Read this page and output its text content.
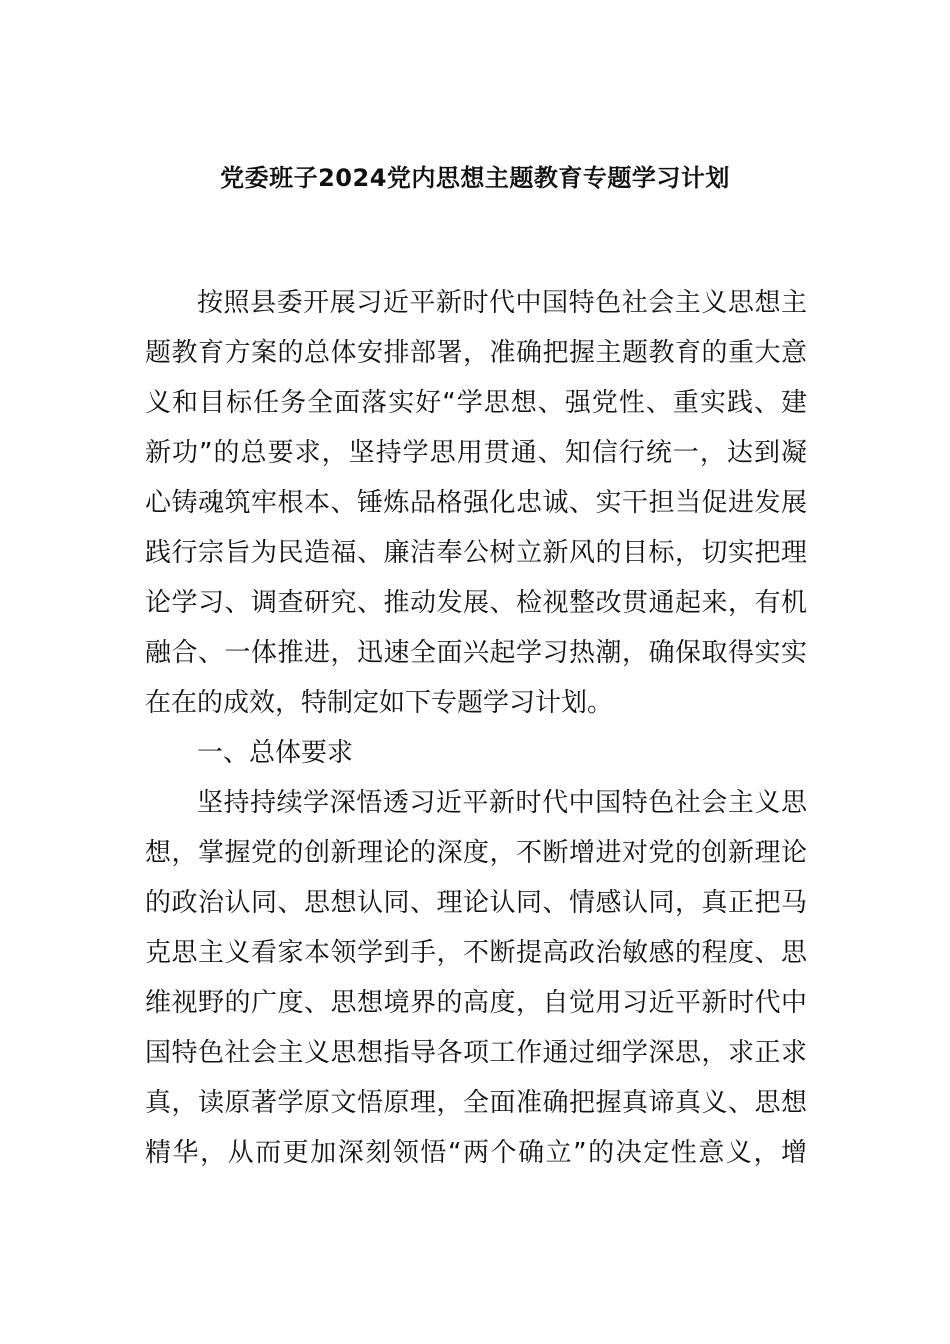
党委班子2024党内思想主题教育专题学习计划
按照县委开展习近平新时代中国特色社会主义思想主
题教育方案的总体安排部署，准确把握主题教育的重大意
义和目标任务全面落实好“学思想、强党性、重实践、建
新功”的总要求，坚持学思用贯通、知信行统一，达到凝
心铸魂筑牢根本、锤炼品格强化忠诚、实干担当促进发展
践行宗旨为民造福、廉洁奉公树立新风的目标，切实把理
论学习、调查研究、推动发展、检视整改贯通起来，有机
融合、一体推进，迅速全面兴起学习热潮，确保取得实实
在在的成效，特制定如下专题学习计划。
一、总体要求
坚持持续学深悟透习近平新时代中国特色社会主义思
想，掌握党的创新理论的深度，不断增进对党的创新理论
的政治认同、思想认同、理论认同、情感认同，真正把马
克思主义看家本领学到手，不断提高政治敏感的程度、思
维视野的广度、思想境界的高度，自觉用习近平新时代中
国特色社会主义思想指导各项工作通过细学深思，求正求
真，读原著学原文悟原理，全面准确把握真谛真义、思想
精华，从而更加深刻领悟“两个确立”的决定性意义，增
